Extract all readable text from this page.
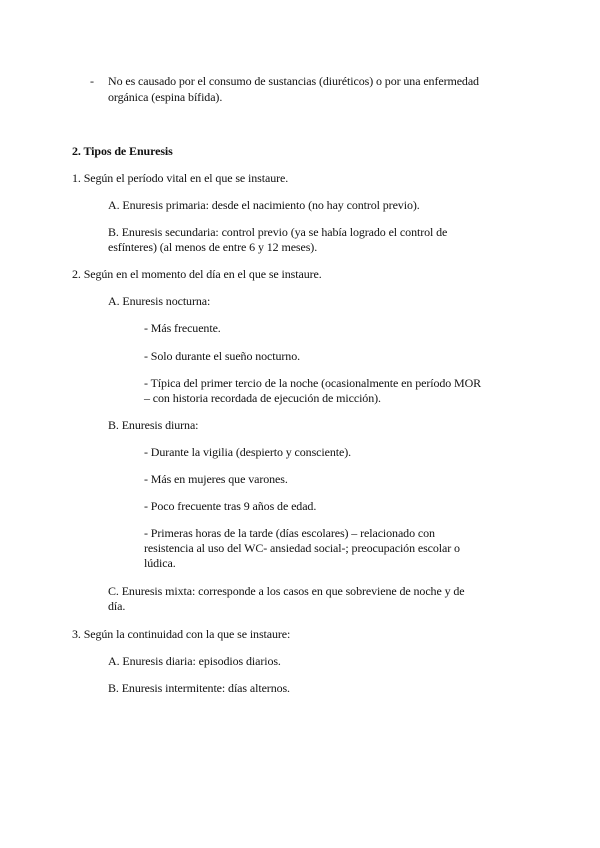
- No es causado por el consumo de sustancias (diuréticos) o por una enfermedad
orgánica (espina bífida).
2. Tipos de Enuresis
1. Según el período vital en el que se instaure.
A. Enuresis primaria: desde el nacimiento (no hay control previo).
B. Enuresis secundaria: control previo (ya se había logrado el control de
esfínteres) (al menos de entre 6 y 12 meses).
2. Según en el momento del día en el que se instaure.
A. Enuresis nocturna:
- Más frecuente.
- Solo durante el sueño nocturno.
- Típica del primer tercio de la noche (ocasionalmente en período MOR
– con historia recordada de ejecución de micción).
B. Enuresis diurna:
- Durante la vigilia (despierto y consciente).
- Más en mujeres que varones.
- Poco frecuente tras 9 años de edad.
- Primeras horas de la tarde (días escolares) – relacionado con
resistencia al uso del WC- ansiedad social-; preocupación escolar o
lúdica.
C. Enuresis mixta: corresponde a los casos en que sobreviene de noche y de
día.
3. Según la continuidad con la que se instaure:
A. Enuresis diaria: episodios diarios.
B. Enuresis intermitente: días alternos.
